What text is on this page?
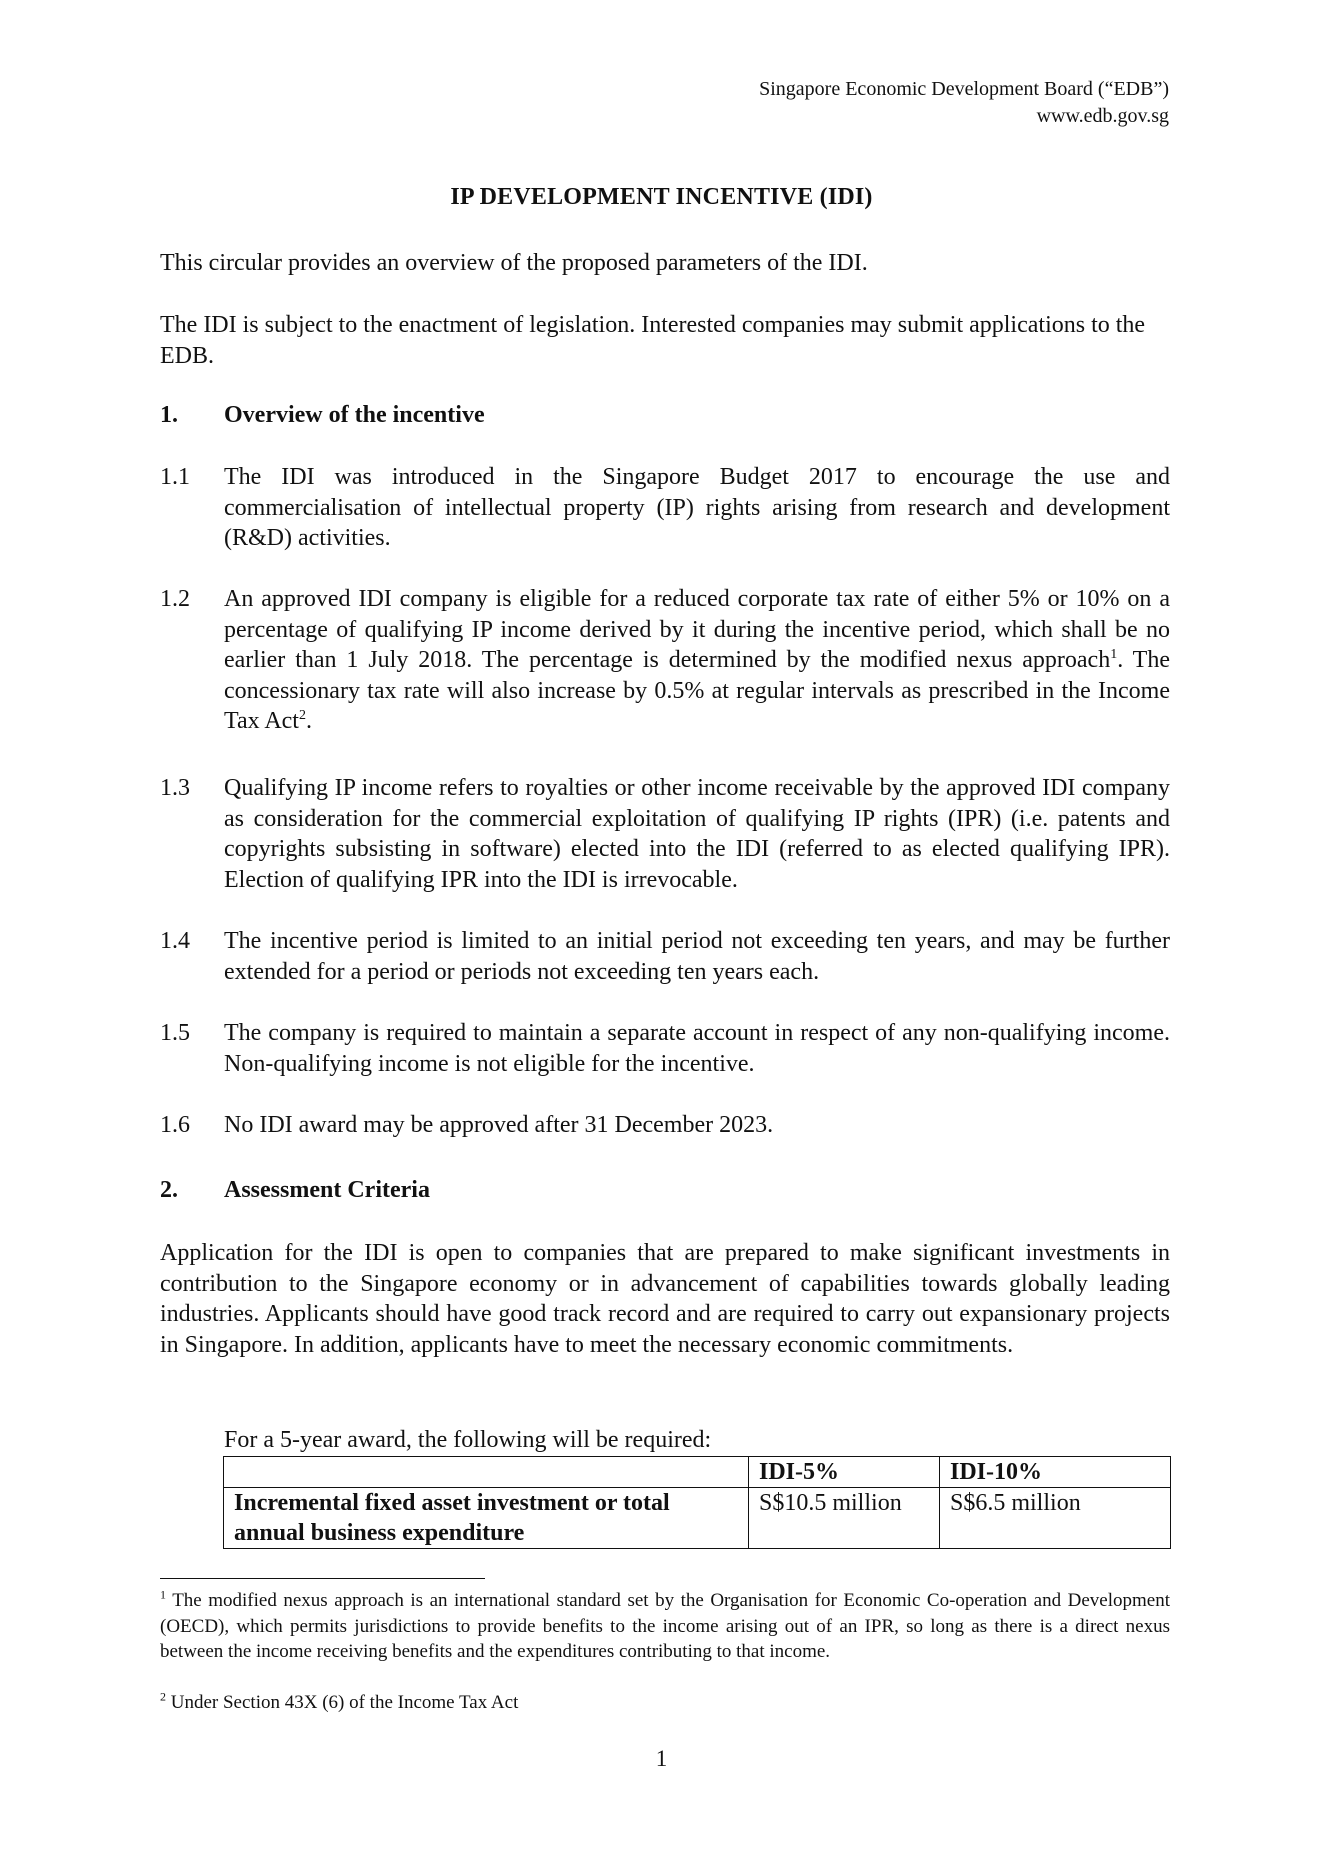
Singapore Economic Development Board (“EDB”)
www.edb.gov.sg
IP DEVELOPMENT INCENTIVE (IDI)
This circular provides an overview of the proposed parameters of the IDI.
The IDI is subject to the enactment of legislation. Interested companies may submit applications to the EDB.
1. Overview of the incentive
1.1 The IDI was introduced in the Singapore Budget 2017 to encourage the use and commercialisation of intellectual property (IP) rights arising from research and development (R&D) activities.
1.2 An approved IDI company is eligible for a reduced corporate tax rate of either 5% or 10% on a percentage of qualifying IP income derived by it during the incentive period, which shall be no earlier than 1 July 2018. The percentage is determined by the modified nexus approach$^1$. The concessionary tax rate will also increase by 0.5% at regular intervals as prescribed in the Income Tax Act$^2$.
1.3 Qualifying IP income refers to royalties or other income receivable by the approved IDI company as consideration for the commercial exploitation of qualifying IP rights (IPR) (i.e. patents and copyrights subsisting in software) elected into the IDI (referred to as elected qualifying IPR). Election of qualifying IPR into the IDI is irrevocable.
1.4 The incentive period is limited to an initial period not exceeding ten years, and may be further extended for a period or periods not exceeding ten years each.
1.5 The company is required to maintain a separate account in respect of any non-qualifying income. Non-qualifying income is not eligible for the incentive.
1.6 No IDI award may be approved after 31 December 2023.
2. Assessment Criteria
Application for the IDI is open to companies that are prepared to make significant investments in contribution to the Singapore economy or in advancement of capabilities towards globally leading industries. Applicants should have good track record and are required to carry out expansionary projects in Singapore. In addition, applicants have to meet the necessary economic commitments.
For a 5-year award, the following will be required:
	IDI-5%	IDI-10%
Incremental fixed asset investment or total annual business expenditure	S$10.5 million	S$6.5 million
$^1$ The modified nexus approach is an international standard set by the Organisation for Economic Co-operation and Development (OECD), which permits jurisdictions to provide benefits to the income arising out of an IPR, so long as there is a direct nexus between the income receiving benefits and the expenditures contributing to that income.
$^2$ Under Section 43X (6) of the Income Tax Act
1
